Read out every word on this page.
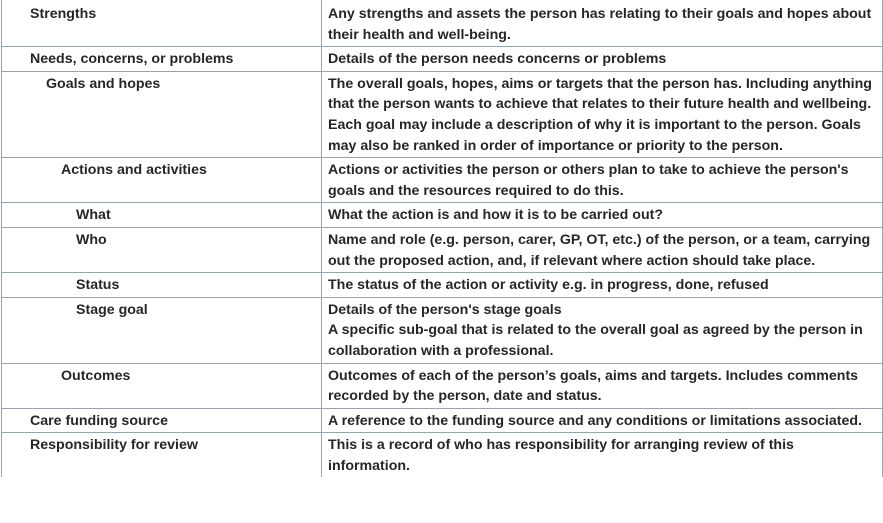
Strengths	Any strengths and assets the person has relating to their goals and hopes about their health and well-being.

Needs, concerns, or problems	Details of the person needs concerns or problems

Goals and hopes	The overall goals, hopes, aims or targets that the person has. Including anything that the person wants to achieve that relates to their future health and wellbeing. Each goal may include a description of why it is important to the person. Goals may also be ranked in order of importance or priority to the person.

Actions and activities	Actions or activities the person or others plan to take to achieve the person's goals and the resources required to do this.

What	What the action is and how it is to be carried out?

Who	Name and role (e.g. person, carer, GP, OT, etc.) of the person, or a team, carrying out the proposed action, and, if relevant where action should take place.

Status	The status of the action or activity e.g. in progress, done, refused

Stage goal	Details of the person's stage goals
A specific sub-goal that is related to the overall goal as agreed by the person in collaboration with a professional.

Outcomes	Outcomes of each of the person’s goals, aims and targets. Includes comments recorded by the person, date and status.

Care funding source	A reference to the funding source and any conditions or limitations associated.

Responsibility for review	This is a record of who has responsibility for arranging review of this information.
